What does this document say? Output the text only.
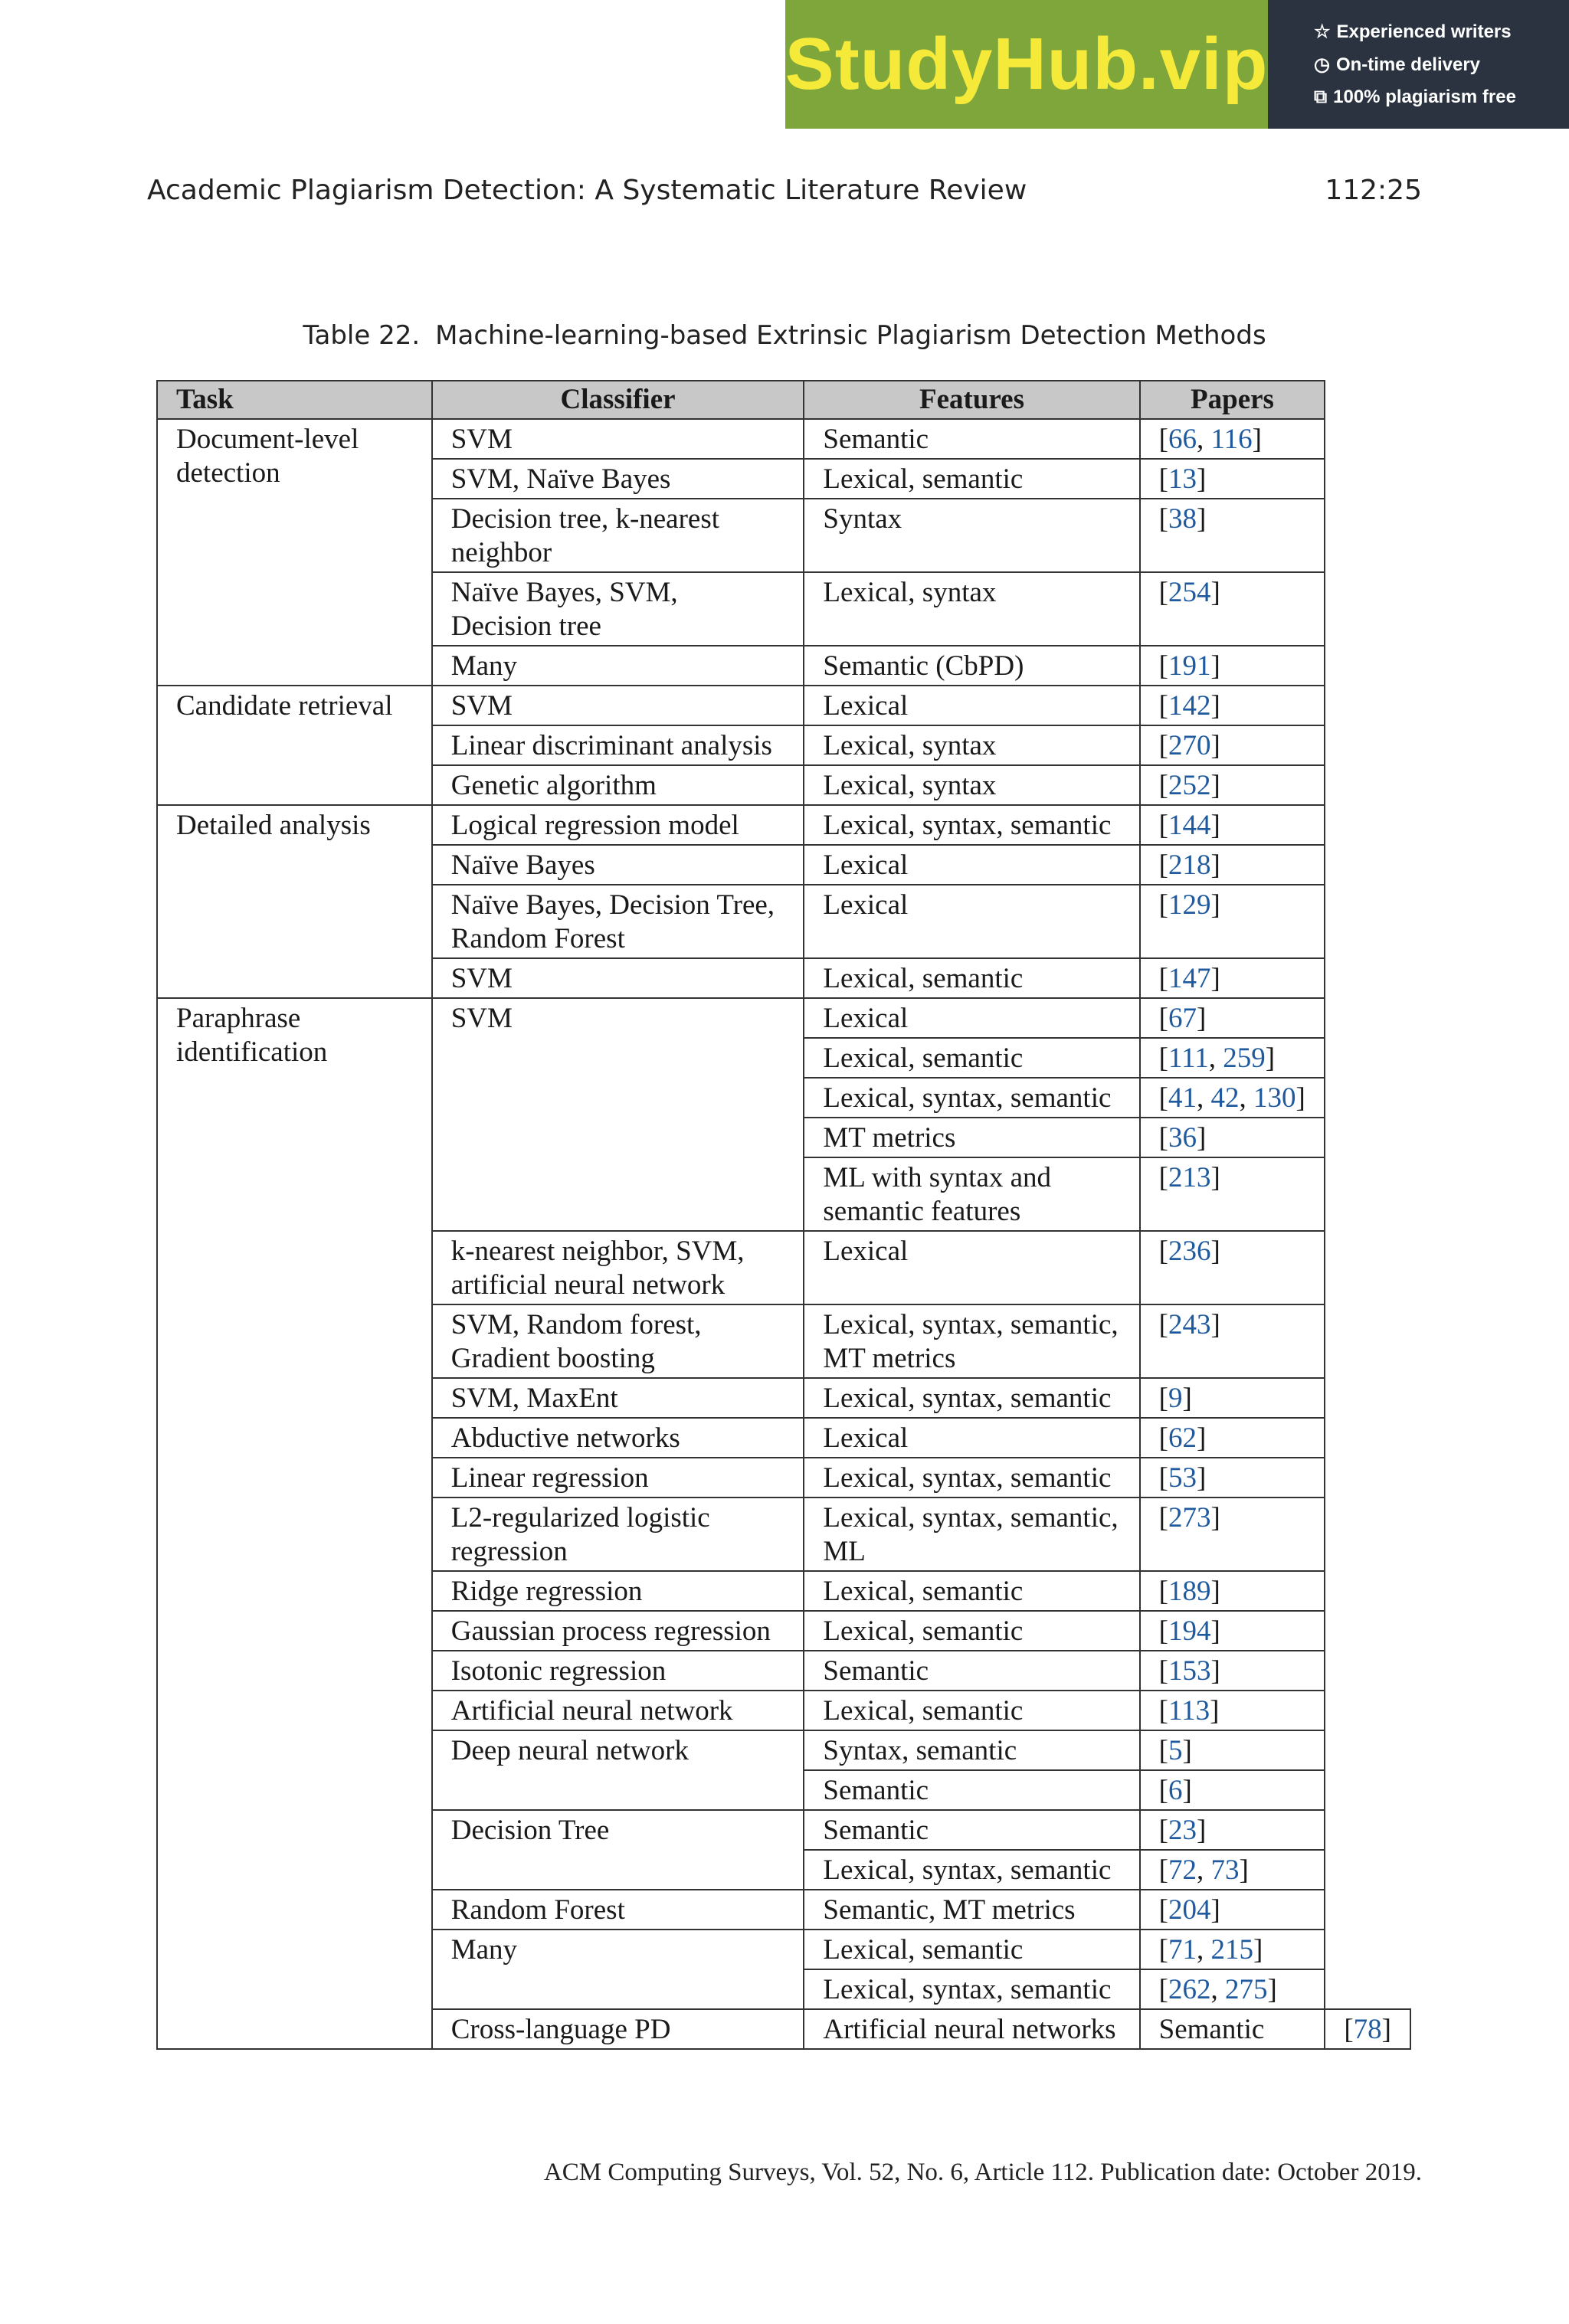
StudyHub.vip ☆ Experienced writers
◷ On-time delivery
⧉ 100% plagiarism free
Academic Plagiarism Detection: A Systematic Literature Review	112:25
Table 22. Machine-learning-based Extrinsic Plagiarism Detection Methods
Task	Classifier	Features	Papers	
Document-level detection	SVM	Semantic	[66, 116]	
	SVM, Naïve Bayes	Lexical, semantic	[13]	
	Decision tree, k-nearest neighbor	Syntax	[38]	
	Naïve Bayes, SVM, Decision tree	Lexical, syntax	[254]	
	Many	Semantic (CbPD)	[191]	
Candidate retrieval	SVM	Lexical	[142]	
	Linear discriminant analysis	Lexical, syntax	[270]	
	Genetic algorithm	Lexical, syntax	[252]	
Detailed analysis	Logical regression model	Lexical, syntax, semantic	[144]	
	Naïve Bayes	Lexical	[218]	
	Naïve Bayes, Decision Tree, Random Forest	Lexical	[129]	
	SVM	Lexical, semantic	[147]	
Paraphrase identification	SVM	Lexical	[67]	
		Lexical, semantic	[111, 259]	
		Lexical, syntax, semantic	[41, 42, 130]	
		MT metrics	[36]	
		ML with syntax and semantic features	[213]	
	k-nearest neighbor, SVM, artificial neural network	Lexical	[236]	
	SVM, Random forest, Gradient boosting	Lexical, syntax, semantic, MT metrics	[243]	
	SVM, MaxEnt	Lexical, syntax, semantic	[9]	
	Abductive networks	Lexical	[62]	
	Linear regression	Lexical, syntax, semantic	[53]	
	L2-regularized logistic regression	Lexical, syntax, semantic, ML	[273]	
	Ridge regression	Lexical, semantic	[189]	
	Gaussian process regression	Lexical, semantic	[194]	
	Isotonic regression	Semantic	[153]	
	Artificial neural network	Lexical, semantic	[113]	
	Deep neural network	Syntax, semantic	[5]	
		Semantic	[6]	
	Decision Tree	Semantic	[23]	
		Lexical, syntax, semantic	[72, 73]	
	Random Forest	Semantic, MT metrics	[204]	
	Many	Lexical, semantic	[71, 215]	
		Lexical, syntax, semantic	[262, 275]	
	Cross-language PD	Artificial neural networks	Semantic	[78]
ACM Computing Surveys, Vol. 52, No. 6, Article 112. Publication date: October 2019.
